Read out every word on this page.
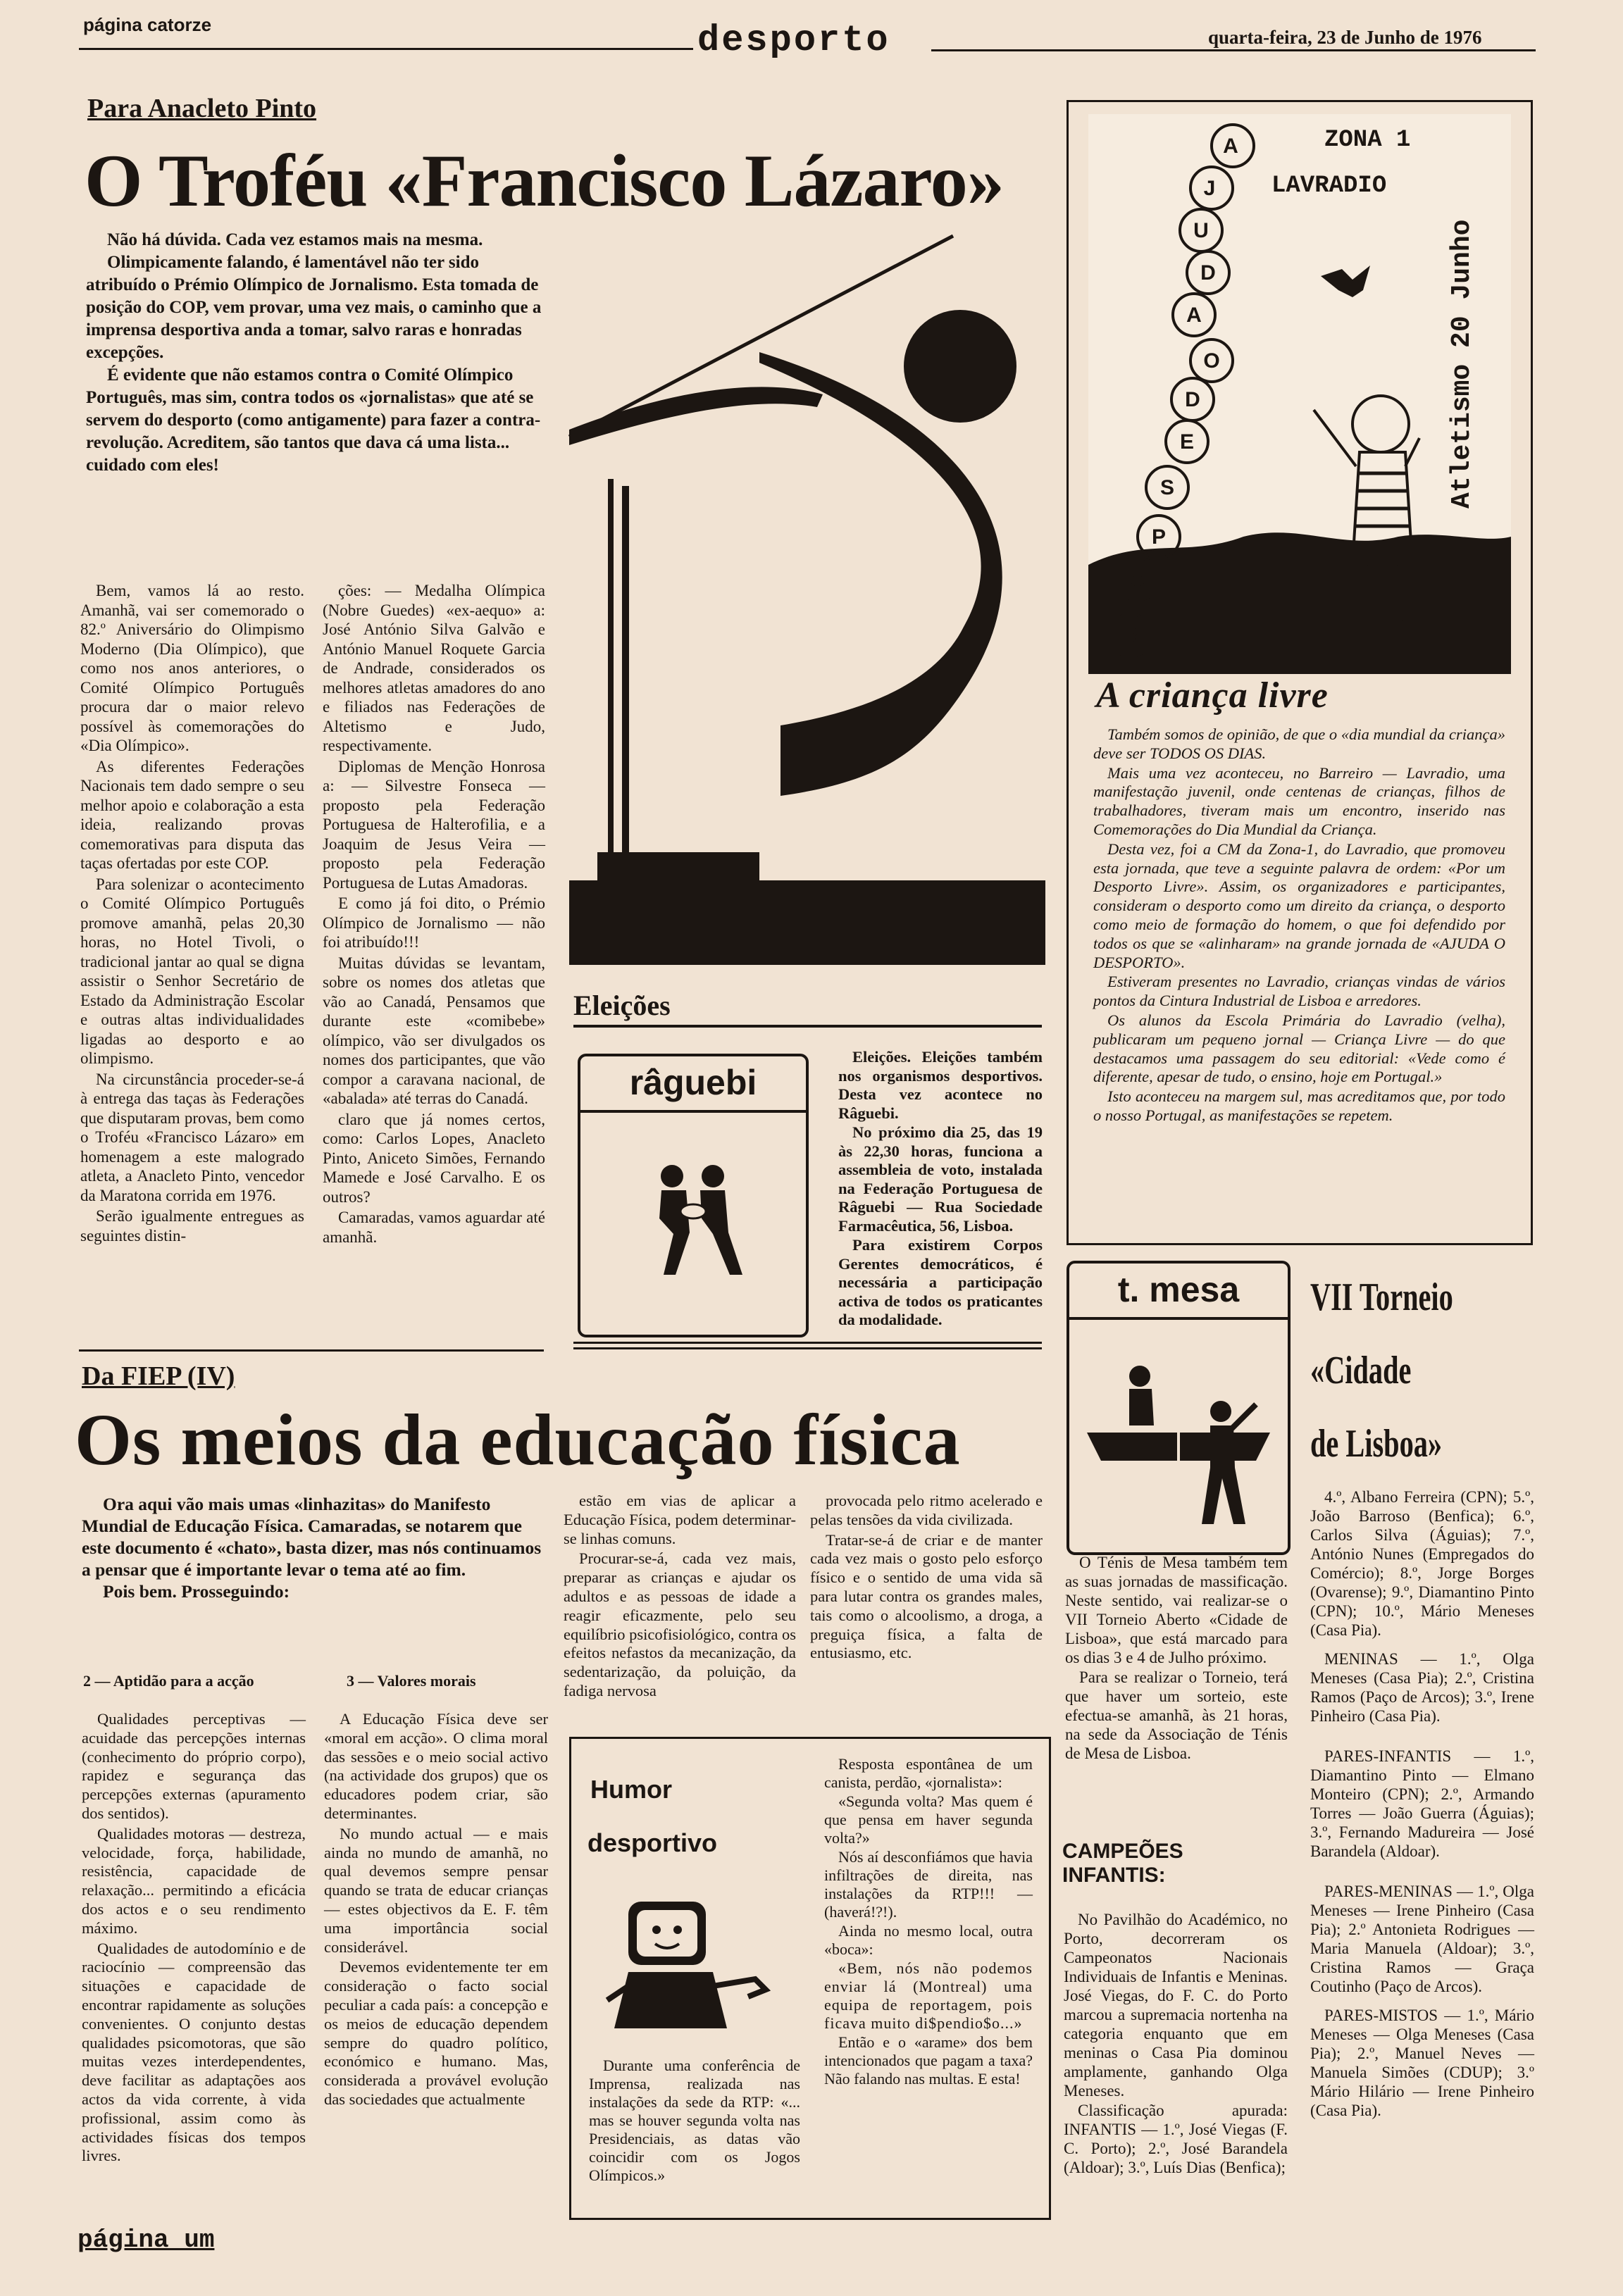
página catorze	desporto	quarta-feira, 23 de Junho de 1976
Para Anacleto Pinto
O Troféu «Francisco Lázaro»

Não há dúvida. Cada vez estamos mais na mesma.

Olimpicamente falando, é lamentável não ter sido atribuído o Prémio Olímpico de Jornalismo. Esta tomada de posição do COP, vem provar, uma vez mais, o caminho que a imprensa desportiva anda a tomar, salvo raras e honradas excepções.

É evidente que não estamos contra o Comité Olímpico Português, mas sim, contra todos os «jornalistas» que até se servem do desporto (como antigamente) para fazer a contra-revolução. Acreditem, são tantos que dava cá uma lista... cuidado com eles!

Bem, vamos lá ao resto. Amanhã, vai ser comemorado o 82.º Aniversário do Olimpismo Moderno (Dia Olímpico), que como nos anos anteriores, o Comité Olímpico Português procura dar o maior relevo possível às comemorações do «Dia Olímpico».

As diferentes Federações Nacionais tem dado sempre o seu melhor apoio e colaboração a esta ideia, realizando provas comemorativas para disputa das taças ofertadas por este COP.

Para solenizar o acontecimento o Comité Olímpico Português promove amanhã, pelas 20,30 horas, no Hotel Tivoli, o tradicional jantar ao qual se digna assistir o Senhor Secretário de Estado da Administração Escolar e outras altas individualidades ligadas ao desporto e ao olimpismo.

Na circunstância proceder-se-á à entrega das taças às Federações que disputaram provas, bem como o Troféu «Francisco Lázaro» em homenagem a este malogrado atleta, a Anacleto Pinto, vencedor da Maratona corrida em 1976.

Serão igualmente entregues as seguintes distin-

ções: — Medalha Olímpica (Nobre Guedes) «ex-aequo» a: José António Silva Galvão e António Manuel Roquete Garcia de Andrade, considerados os melhores atletas amadores do ano e filiados nas Federações de Altetismo e Judo, respectivamente.

Diplomas de Menção Honrosa a: — Silvestre Fonseca — proposto pela Federação Portuguesa de Halterofilia, e a Joaquim de Jesus Veira — proposto pela Federação Portuguesa de Lutas Amadoras.

E como já foi dito, o Prémio Olímpico de Jornalismo — não foi atribuído!!!

Muitas dúvidas se levantam, sobre os nomes dos atletas que vão ao Canadá, Pensamos que durante este «comibebe» olímpico, vão ser divulgados os nomes dos participantes, que vão compor a caravana nacional, de «abalada» até terras do Canadá.

claro que já nomes certos, como: Carlos Lopes, Anacleto Pinto, Aniceto Simões, Fernando Mamede e José Carvalho. E os outros?

Camaradas, vamos aguardar até amanhã.

Eleições
râguebi

Eleições. Eleições também nos organismos desportivos. Desta vez acontece no Râguebi.

No próximo dia 25, das 19 às 22,30 horas, funciona a assembleia de voto, instalada na Federação Portuguesa de Râguebi — Rua Sociedade Farmacêutica, 56, Lisboa.

Para existirem Corpos Gerentes democráticos, é necessária a participação activa de todos os praticantes da modalidade.

A
J
U
D
A
O
D
E
S
P
O
R
ZONA 1
LAVRADIO
Atletismo 20 Junho
A criança livre

Também somos de opinião, de que o «dia mundial da criança» deve ser TODOS OS DIAS.

Mais uma vez aconteceu, no Barreiro — Lavradio, uma manifestação juvenil, onde centenas de crianças, filhos de trabalhadores, tiveram mais um encontro, inserido nas Comemorações do Dia Mundial da Criança.

Desta vez, foi a CM da Zona-1, do Lavradio, que promoveu esta jornada, que teve a seguinte palavra de ordem: «Por um Desporto Livre». Assim, os organizadores e participantes, consideram o desporto como um direito da criança, o desporto como meio de formação do homem, o que foi defendido por todos os que se «alinharam» na grande jornada de «AJUDA O DESPORTO».

Estiveram presentes no Lavradio, crianças vindas de vários pontos da Cintura Industrial de Lisboa e arredores.

Os alunos da Escola Primária do Lavradio (velha), publicaram um pequeno jornal — Criança Livre — do que destacamos uma passagem do seu editorial: «Vede como é diferente, apesar de tudo, o ensino, hoje em Portugal.»

Isto aconteceu na margem sul, mas acreditamos que, por todo o nosso Portugal, as manifestações se repetem.

t. mesa

O Ténis de Mesa também tem as suas jornadas de massificação. Neste sentido, vai realizar-se o VII Torneio Aberto «Cidade de Lisboa», que está marcado para os dias 3 e 4 de Julho próximo.

Para se realizar o Torneio, terá que haver um sorteio, este efectua-se amanhã, às 21 horas, na sede da Associação de Ténis de Mesa de Lisboa.

CAMPEÕES INFANTIS:

No Pavilhão do Académico, no Porto, decorreram os Campeonatos Nacionais Individuais de Infantis e Meninas. José Viegas, do F. C. do Porto marcou a supremacia nortenha na categoria enquanto que em meninas o Casa Pia dominou amplamente, ganhando Olga Meneses.

Classificação apurada: INFANTIS — 1.º, José Viegas (F. C. Porto); 2.º, José Barandela (Aldoar); 3.º, Luís Dias (Benfica);

VII Torneio
«Cidade
de Lisboa»

4.º, Albano Ferreira (CPN); 5.º, João Barroso (Benfica); 6.º, Carlos Silva (Águias); 7.º, António Nunes (Empregados do Comércio); 8.º, Jorge Borges (Ovarense); 9.º, Diamantino Pinto (CPN); 10.º, Mário Meneses (Casa Pia).

MENINAS — 1.º, Olga Meneses (Casa Pia); 2.º, Cristina Ramos (Paço de Arcos); 3.º, Irene Pinheiro (Casa Pia).

PARES-INFANTIS — 1.º, Diamantino Pinto — Elmano Monteiro (CPN); 2.º, Armando Torres — João Guerra (Águias); 3.º, Fernando Madureira — José Barandela (Aldoar).

PARES-MENINAS — 1.º, Olga Meneses — Irene Pinheiro (Casa Pia); 2.º Antonieta Rodrigues — Maria Manuela (Aldoar); 3.º, Cristina Ramos — Graça Coutinho (Paço de Arcos).

PARES-MISTOS — 1.º, Mário Meneses — Olga Meneses (Casa Pia); 2.º, Manuel Neves — Manuela Simões (CDUP); 3.º Mário Hilário — Irene Pinheiro (Casa Pia).

Da FIEP (IV)
Os meios da educação física

Ora aqui vão mais umas «linhazitas» do Manifesto Mundial de Educação Física. Camaradas, se notarem que este documento é «chato», basta dizer, mas nós continuamos a pensar que é importante levar o tema até ao fim.

Pois bem. Prosseguindo:

2 — Aptidão para a acção	3 — Valores morais

Qualidades perceptivas — acuidade das percepções internas (conhecimento do próprio corpo), rapidez e segurança das percepções externas (apuramento dos sentidos).

Qualidades motoras — destreza, velocidade, força, habilidade, resistência, capacidade de relaxação... permitindo a eficácia dos actos e o seu rendimento máximo.

Qualidades de autodomínio e de raciocínio — compreensão das situações e capacidade de encontrar rapidamente as soluções convenientes. O conjunto destas qualidades psicomotoras, que são muitas vezes interdependentes, deve facilitar as adaptações aos actos da vida corrente, à vida profissional, assim como às actividades físicas dos tempos livres.

A Educação Física deve ser «moral em acção». O clima moral das sessões e o meio social activo (na actividade dos grupos) que os educadores podem criar, são determinantes.

No mundo actual — e mais ainda no mundo de amanhã, no qual devemos sempre pensar quando se trata de educar crianças — estes objectivos da E. F. têm uma importância social considerável.

Devemos evidentemente ter em consideração o facto social peculiar a cada país: a concepção e os meios de educação dependem sempre do quadro político, económico e humano. Mas, considerada a provável evolução das sociedades que actualmente

estão em vias de aplicar a Educação Física, podem determinar-se linhas comuns.

Procurar-se-á, cada vez mais, preparar as crianças e ajudar os adultos e as pessoas de idade a reagir eficazmente, pelo seu equilíbrio psicofisiológico, contra os efeitos nefastos da mecanização, da sedentarização, da poluição, da fadiga nervosa

provocada pelo ritmo acelerado e pelas tensões da vida civilizada.

Tratar-se-á de criar e de manter cada vez mais o gosto pelo esforço físico e o sentido de uma vida sã para lutar contra os grandes males, tais como o alcoolismo, a droga, a preguiça física, a falta de entusiasmo, etc.

Humor
desportivo

Durante uma conferência de Imprensa, realizada nas instalações da sede da RTP: «... mas se houver segunda volta nas Presidenciais, as datas vão coincidir com os Jogos Olímpicos.»

Resposta espontânea de um canista, perdão, «jornalista»:

«Segunda volta? Mas quem é que pensa em haver segunda volta?»

Nós aí desconfiámos que havia infiltrações de direita, nas instalações da RTP!!! — (haverá!?!).

Ainda no mesmo local, outra «boca»:

«Bem, nós não podemos enviar lá (Montreal) uma equipa de reportagem, pois ficava muito di$pendio$o...»

Então e o «arame» dos bem intencionados que pagam a taxa? Não falando nas multas. E esta!

página um
